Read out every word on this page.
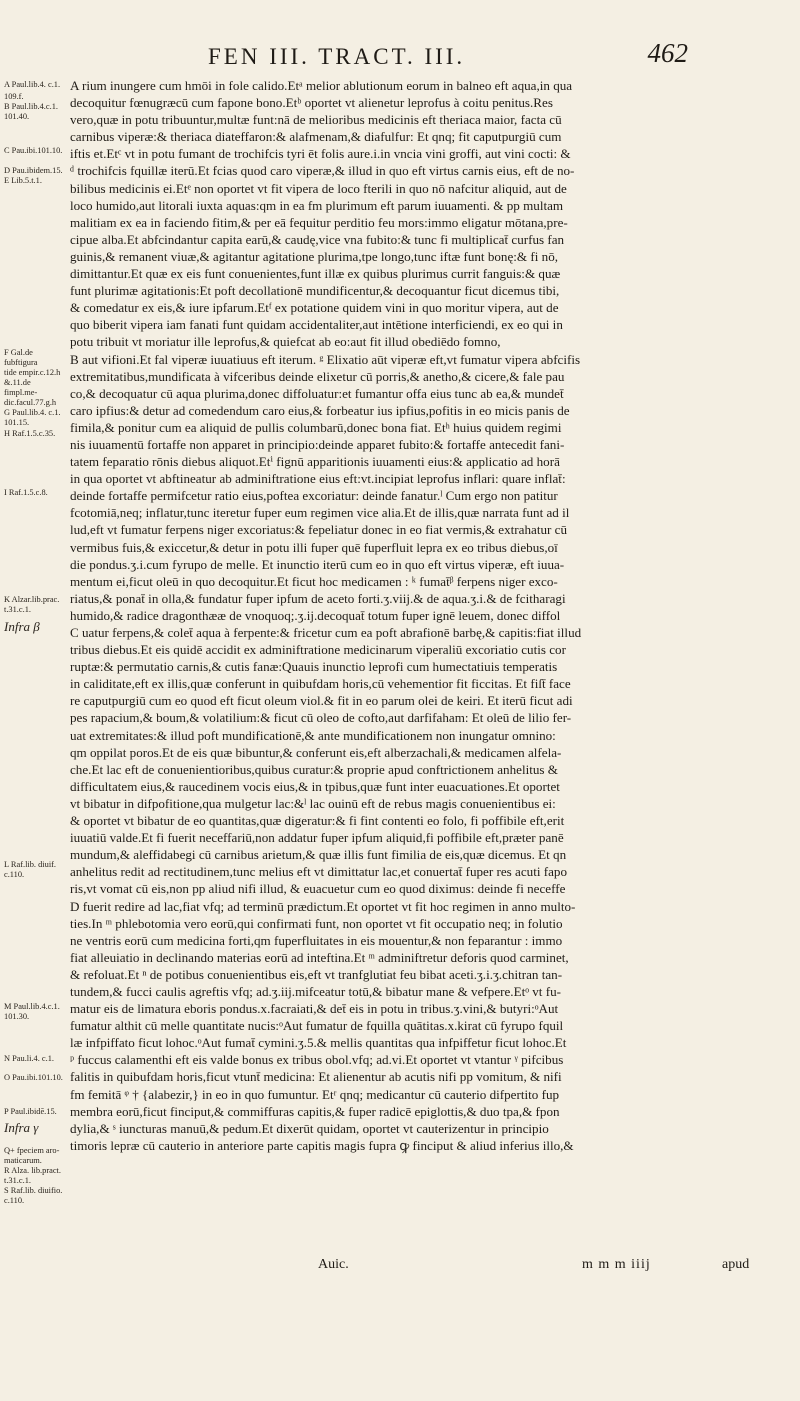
FEN III. TRACT. III.	462
A Paul.lib.4. c.1.
109.f.
B Paul.lib.4.c.1.
101.40.
C Pau.ibi.101.10.
D Pau.ibidem.15.
E Lib.5.t.1.
F Gal.de fubftigura
tide empir.c.12.h
&.11.de fimpl.me-
dic.facul.77.g.h
G Paul.lib.4. c.1.
101.15.
H Raf.1.5.c.35.
I Raf.1.5.c.8.
K Alzar.lib.prac.
t.31.c.1.
Infra β
L Raf.lib. diuif.
c.110.
M Paul.lib.4.c.1.
101.30.
N Pau.li.4. c.1.
O Pau.ibi.101.10.
P Paul.ibidē.15.
Infra γ
Q+ fpeciem aro-
maticarum.
R Alza. lib.pract.
t.31.c.1.
S Raf.lib. diuifio.
c.110.
A rium inungere cum hmōi in fole calido.Etᵃ melior ablutionum eorum in balneo eft aqua,in qua
decoquitur fœnugræcū cum fapone bono.Etᵇ oportet vt alienetur leprofus à coitu penitus.Res
vero,quæ in potu tribuuntur,multæ funt:nā de melioribus medicinis eft theriaca maior, facta cū
carnibus viperæ:& theriaca diateffaron:& alafmenam,& diafulfur: Et qnq; fit caputpurgiū cum
iftis et.Etᶜ vt in potu fumant de trochifcis tyri ēt folis aure.i.in vncia vini groffi, aut vini cocti: &
ᵈ trochifcis fquillæ iterū.Et fcias quod caro viperæ,& illud in quo eft virtus carnis eius, eft de no-
bilibus medicinis ei.Etᵉ non oportet vt fit vipera de loco fterili in quo nō nafcitur aliquid, aut de
loco humido,aut litorali iuxta aquas:qm in ea fm plurimum eft parum iuuamenti. & pp multam
malitiam ex ea in faciendo fitim,& per eā fequitur perditio feu mors:immo eligatur mōtana,pre-
cipue alba.Et abfcindantur capita earū,& caudę,vice vna fubito:& tunc fi multiplicat̄ curfus fan
guinis,& remanent viuæ,& agitantur agitatione plurima,tpe longo,tunc iftæ funt bonę:& fi nō,
dimittantur.Et quæ ex eis funt conuenientes,funt illæ ex quibus plurimus currit fanguis:& quæ
funt plurimæ agitationis:Et poft decollationē mundificentur,& decoquantur ficut dicemus tibi,
& comedatur ex eis,& iure ipfarum.Etᶠ ex potatione quidem vini in quo moritur vipera, aut de
quo biberit vipera iam fanati funt quidam accidentaliter,aut intētione interficiendi, ex eo qui in
potu tribuit vt moriatur ille leprofus,& quiefcat ab eo:aut fit illud obediēdo fomno,
B aut vifioni.Et fal viperæ iuuatiuus eft iterum. ᵍ Elixatio aūt viperæ eft,vt fumatur vipera abfcifis
extremitatibus,mundificata à vifceribus deinde elixetur cū porris,& anetho,& cicere,& fale pau
co,& decoquatur cū aqua plurima,donec diffoluatur:et fumantur offa eius tunc ab ea,& mundet̄
caro ipfius:& detur ad comedendum caro eius,& forbeatur ius ipfius,pofitis in eo micis panis de
fimila,& ponitur cum ea aliquid de pullis columbarū,donec bona fiat. Etʰ huius quidem regimi
nis iuuamentū fortaffe non apparet in principio:deinde apparet fubito:& fortaffe antecedit fani-
tatem feparatio rōnis diebus aliquot.Etⁱ fignū apparitionis iuuamenti eius:& applicatio ad horā
in qua oportet vt abftineatur ab adminiftratione eius eft:vt.incipiat leprofus inflari: quare inflat̄:
deinde fortaffe permifcetur ratio eius,poftea excoriatur: deinde fanatur.ˡ Cum ergo non patitur
fcotomiā,neq; inflatur,tunc iteretur fuper eum regimen vice alia.Et de illis,quæ narrata funt ad il
lud,eft vt fumatur ferpens niger excoriatus:& fepeliatur donec in eo fiat vermis,& extrahatur cū
vermibus fuis,& exiccetur,& detur in potu illi fuper quē fuperfluit lepra ex eo tribus diebus,oī
die pondus.ʒ.i.cum fyrupo de melle. Et inunctio iterū cum eo in quo eft virtus viperæ, eft iuua-
mentum ei,ficut oleū in quo decoquitur.Et ficut hoc medicamen : ᵏ fumat̄ᵝ ferpens niger exco-
riatus,& ponat̄ in olla,& fundatur fuper ipfum de aceto forti.ʒ.viij.& de aqua.ʒ.i.& de fcitharagi
humido,& radice dragonthææ de vnoquoq;.ʒ.ij.decoquat̄ totum fuper ignē leuem, donec diffol
C uatur ferpens,& colet̄ aqua à ferpente:& fricetur cum ea poft abrafionē barbę,& capitis:fiat illud
tribus diebus.Et eis quidē accidit ex adminiftratione medicinarum viperaliū excoriatio cutis cor
ruptæ:& permutatio carnis,& cutis fanæ:Quauis inunctio leprofi cum humectatiuis temperatis
in caliditate,eft ex illis,quæ conferunt in quibufdam horis,cū vehementior fit ficcitas. Et fiſt̄ face
re caputpurgiū cum eo quod eft ficut oleum viol.& fit in eo parum olei de keiri. Et iterū ficut adi
pes rapacium,& boum,& volatilium:& ficut cū oleo de cofto,aut darfifaham: Et oleū de lilio fer-
uat extremitates:& illud poft mundificationē,& ante mundificationem non inungatur omnino:
qm oppilat poros.Et de eis quæ bibuntur,& conferunt eis,eft alberzachali,& medicamen alfela-
che.Et lac eft de conuenientioribus,quibus curatur:& proprie apud conftrictionem anhelitus &
difficultatem eius,& raucedinem vocis eius,& in tpibus,quæ funt inter euacuationes.Et oportet
vt bibatur in difpofitione,qua mulgetur lac:&ˡ lac ouinū eft de rebus magis conuenientibus ei:
& oportet vt bibatur de eo quantitas,quæ digeratur:& fi fint contenti eo folo, fi poffibile eft,erit
iuuatiū valde.Et fi fuerit neceffariū,non addatur fuper ipfum aliquid,fi poffibile eft,præter panē
mundum,& aleffidabegi cū carnibus arietum,& quæ illis funt fimilia de eis,quæ dicemus. Et qn
anhelitus redit ad rectitudinem,tunc melius eft vt dimittatur lac,et conuertat̄ fuper res acuti fapo
ris,vt vomat cū eis,non pp aliud nifi illud, & euacuetur cum eo quod diximus: deinde fi neceffe
D fuerit redire ad lac,fiat vfq; ad terminū prædictum.Et oportet vt fit hoc regimen in anno multo-
ties.In ᵐ phlebotomia vero eorū,qui confirmati funt, non oportet vt fit occupatio neq; in folutio
ne ventris eorū cum medicina forti,qm fuperfluitates in eis mouentur,& non feparantur : immo
fiat alleuiatio in declinando materias eorū ad inteftina.Et ᵐ adminiftretur deforis quod carminet,
& refoluat.Et ⁿ de potibus conuenientibus eis,eft vt tranfglutiat feu bibat aceti.ʒ.i.ʒ.chitran tan-
tundem,& fucci caulis agreftis vfq; ad.ʒ.iij.mifceatur totū,& bibatur mane & vefpere.Etᵒ vt fu-
matur eis de limatura eboris pondus.x.facraiati,& det̄ eis in potu in tribus.ʒ.vini,& butyri:ᵒAut
fumatur althit cū melle quantitate nucis:ᵒAut fumatur de fquilla quātitas.x.kirat cū fyrupo fquil
læ infpiffato ficut lohoc.ᵒAut fumat̄ cymini.ʒ.5.& mellis quantitas qua infpiffetur ficut lohoc.Et
ᵖ fuccus calamenthi eft eis valde bonus ex tribus obol.vfq; ad.vi.Et oportet vt vtantur ᵞ pifcibus
falitis in quibufdam horis,ficut vtunt̄ medicina: Et alienentur ab acutis nifi pp vomitum, & nifi
fm femitā ᵠ † {alabezir,} in eo in quo fumuntur. Etʳ qnq; medicantur cū cauterio difpertito fup
membra eorū,ficut finciput,& commiffuras capitis,& fuper radicē epiglottis,& duo tpa,& fpon
dylia,& ˢ iuncturas manuū,& pedum.Et dixerūt quidam, oportet vt cauterizentur in principio
timoris lepræ cū cauterio in anteriore parte capitis magis fupra ꝙ finciput & aliud inferius illo,&
Auic.	m m m iiij	apud
